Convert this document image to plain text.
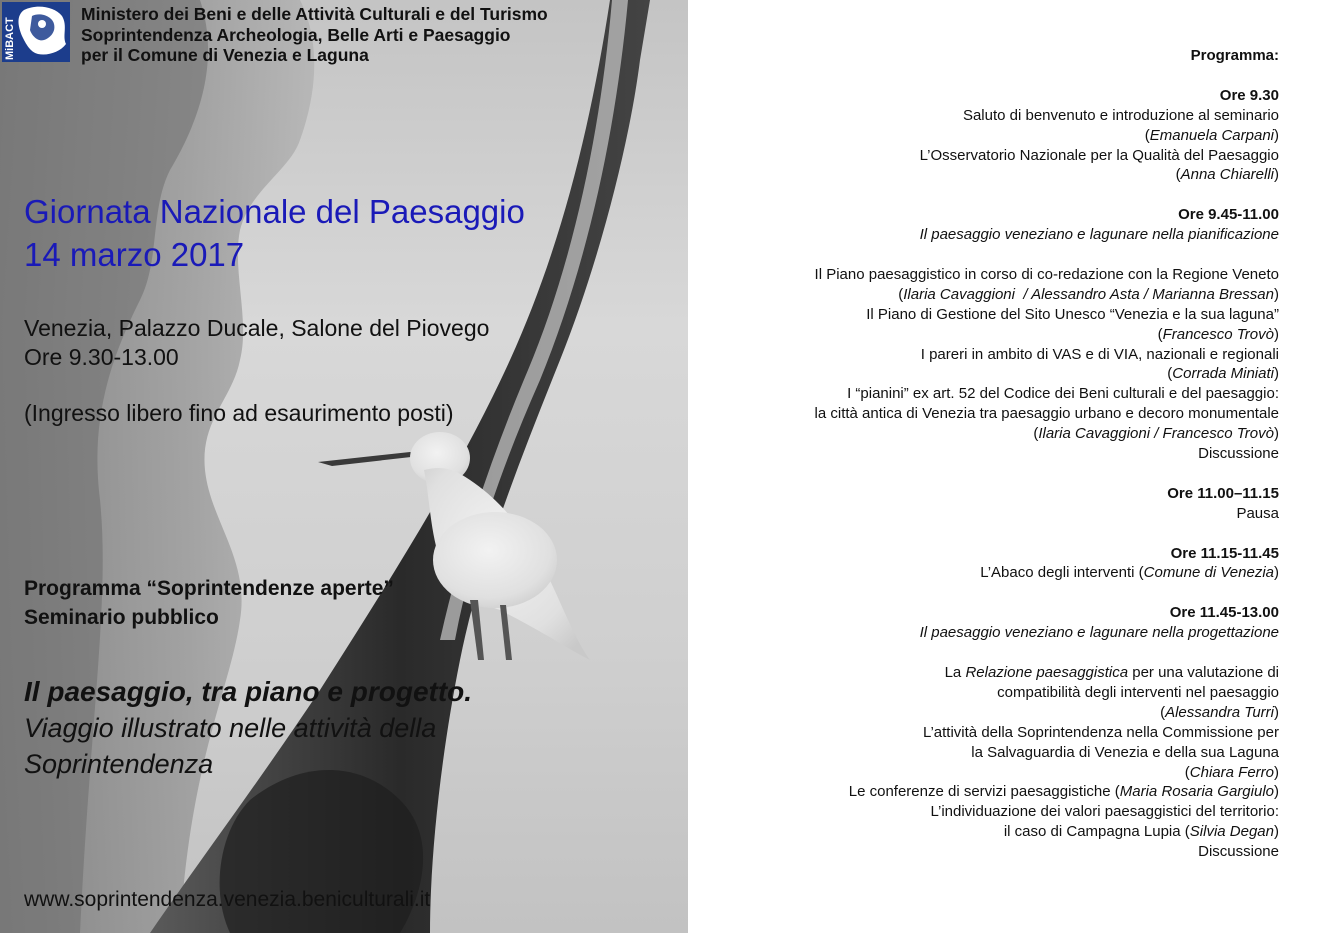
MiBACT
Ministero dei Beni e delle Attività Culturali e del Turismo
Soprintendenza Archeologia, Belle Arti e Paesaggio
per il Comune di Venezia e Laguna
Giornata Nazionale del Paesaggio
14 marzo 2017
Venezia, Palazzo Ducale, Salone del Piovego
Ore 9.30-13.00
(Ingresso libero fino ad esaurimento posti)
Programma “Soprintendenze aperte”
Seminario pubblico
Il paesaggio, tra piano e progetto.
Viaggio illustrato nelle attività della
Soprintendenza
www.soprintendenza.venezia.beniculturali.it
Programma:
Ore 9.30
Saluto di benvenuto e introduzione al seminario
(Emanuela Carpani)
L’Osservatorio Nazionale per la Qualità del Paesaggio
(Anna Chiarelli)
Ore 9.45-11.00
Il paesaggio veneziano e lagunare nella pianificazione
Il Piano paesaggistico in corso di co-redazione con la Regione Veneto
(Ilaria Cavaggioni  / Alessandro Asta / Marianna Bressan)
Il Piano di Gestione del Sito Unesco “Venezia e la sua laguna”
(Francesco Trovò)
I pareri in ambito di VAS e di VIA, nazionali e regionali
(Corrada Miniati)
I “pianini” ex art. 52 del Codice dei Beni culturali e del paesaggio:
la città antica di Venezia tra paesaggio urbano e decoro monumentale
(Ilaria Cavaggioni / Francesco Trovò)
Discussione
Ore 11.00–11.15
Pausa
Ore 11.15-11.45
L’Abaco degli interventi (Comune di Venezia)
Ore 11.45-13.00
Il paesaggio veneziano e lagunare nella progettazione
La Relazione paesaggistica per una valutazione di
compatibilità degli interventi nel paesaggio
(Alessandra Turri)
L’attività della Soprintendenza nella Commissione per
la Salvaguardia di Venezia e della sua Laguna
(Chiara Ferro)
Le conferenze di servizi paesaggistiche (Maria Rosaria Gargiulo)
L’individuazione dei valori paesaggistici del territorio:
il caso di Campagna Lupia (Silvia Degan)
Discussione
